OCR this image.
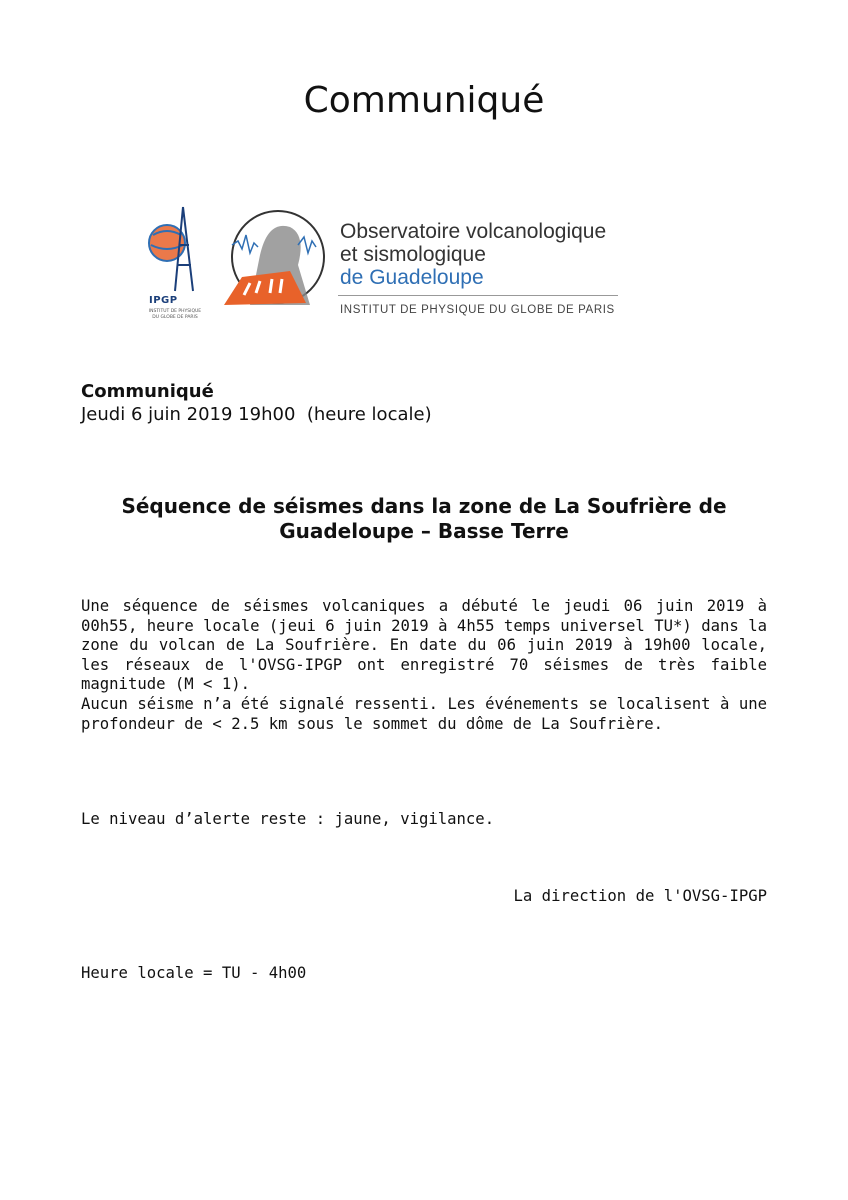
Communiqué
IPGP
INSTITUT DE PHYSIQUE DU GLOBE DE PARIS
Observatoire volcanologique
et sismologique
de Guadeloupe
INSTITUT DE PHYSIQUE DU GLOBE DE PARIS
Communiqué
Jeudi 6 juin 2019 19h00  (heure locale)
Séquence de séismes dans la zone de La Soufrière de Guadeloupe – Basse Terre

Une séquence de séismes volcaniques a débuté le jeudi 06 juin 2019 à 00h55, heure locale (jeui 6 juin 2019 à 4h55 temps universel TU*) dans la zone du volcan de La Soufrière. En date du 06 juin 2019 à 19h00 locale, les réseaux de l'OVSG-IPGP ont enregistré 70 séismes de très faible magnitude (M < 1).

Aucun séisme n’a été signalé ressenti. Les événements se localisent à une profondeur de < 2.5 km sous le sommet du dôme de La Soufrière.

Le niveau d’alerte reste : jaune, vigilance.

La direction de l'OVSG-IPGP

Heure locale = TU - 4h00
